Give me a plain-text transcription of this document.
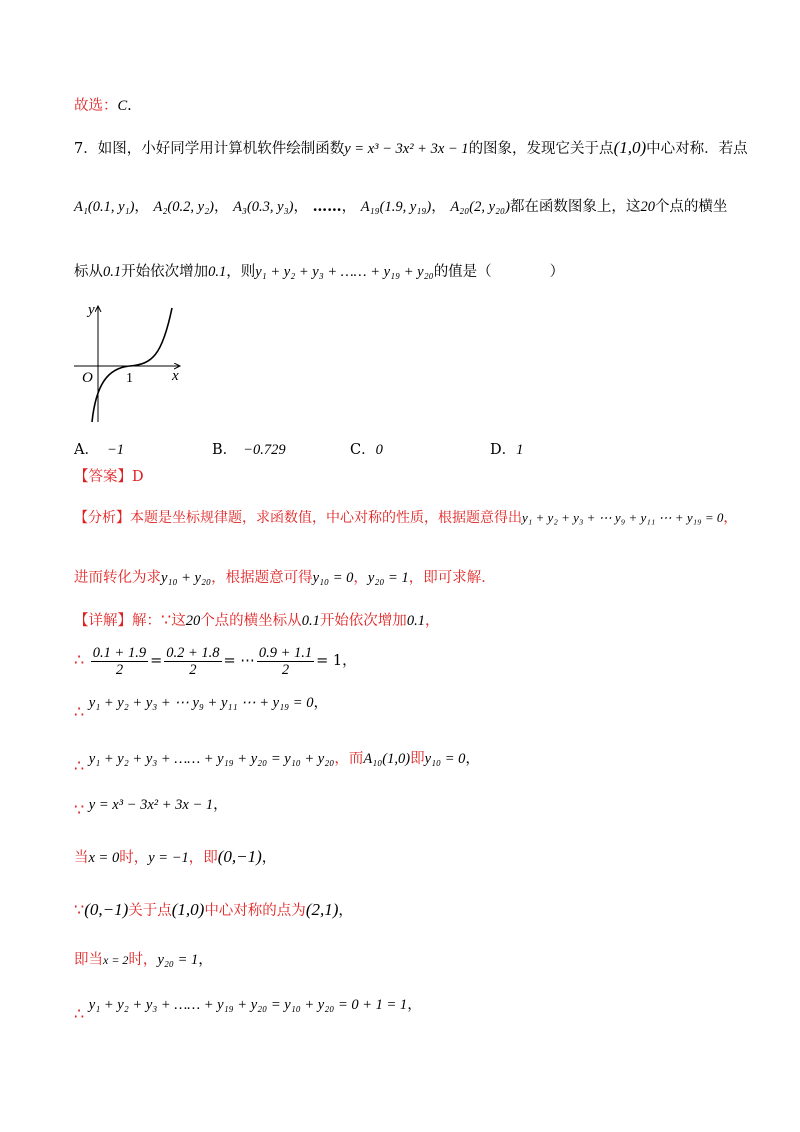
故选：C.
7．如图，小好同学用计算机软件绘制函数y = x³ − 3x² + 3x − 1的图象，发现它关于点(1,0)中心对称．若点
A₁(0.1, y₁)， A₂(0.2, y₂)， A₃(0.3, y₃)， ……， A₁₉(1.9, y₁₉)， A₂₀(2, y₂₀)都在函数图象上，这20个点的横坐
标从0.1开始依次增加0.1，则y₁ + y₂ + y₃ + …… + y₁₉ + y₂₀的值是（　　　　）
y
x
O 1
A． −1	B． −0.729	C．0	D．1
【答案】D
【分析】本题是坐标规律题，求函数值，中心对称的性质，根据题意得出y₁ + y₂ + y₃ + ⋯ y₉ + y₁₁ ⋯ + y₁₉ = 0，
进而转化为求y₁₀ + y₂₀，根据题意可得y₁₀ = 0，y₂₀ = 1，即可求解．
【详解】解：∵这20个点的横坐标从0.1开始依次增加0.1，
∴ $\frac{0.1 + 1.9}{2} = \frac{0.2 + 1.8}{2}$ = ⋯ $\frac{0.9 + 1.1}{2} = 1$，
∴ y₁ + y₂ + y₃ + ⋯ y₉ + y₁₁ ⋯ + y₁₉ = 0，
∴ y₁ + y₂ + y₃ + …… + y₁₉ + y₂₀ = y₁₀ + y₂₀，而A₁₀(1,0)即y₁₀ = 0，
∵ y = x³ − 3x² + 3x − 1，
当x = 0时，y = −1，即(0,−1)，
∵(0,−1)关于点(1,0)中心对称的点为(2,1)，
即当x = 2时，y₂₀ = 1，
∴ y₁ + y₂ + y₃ + …… + y₁₉ + y₂₀ = y₁₀ + y₂₀ = 0 + 1 = 1，
